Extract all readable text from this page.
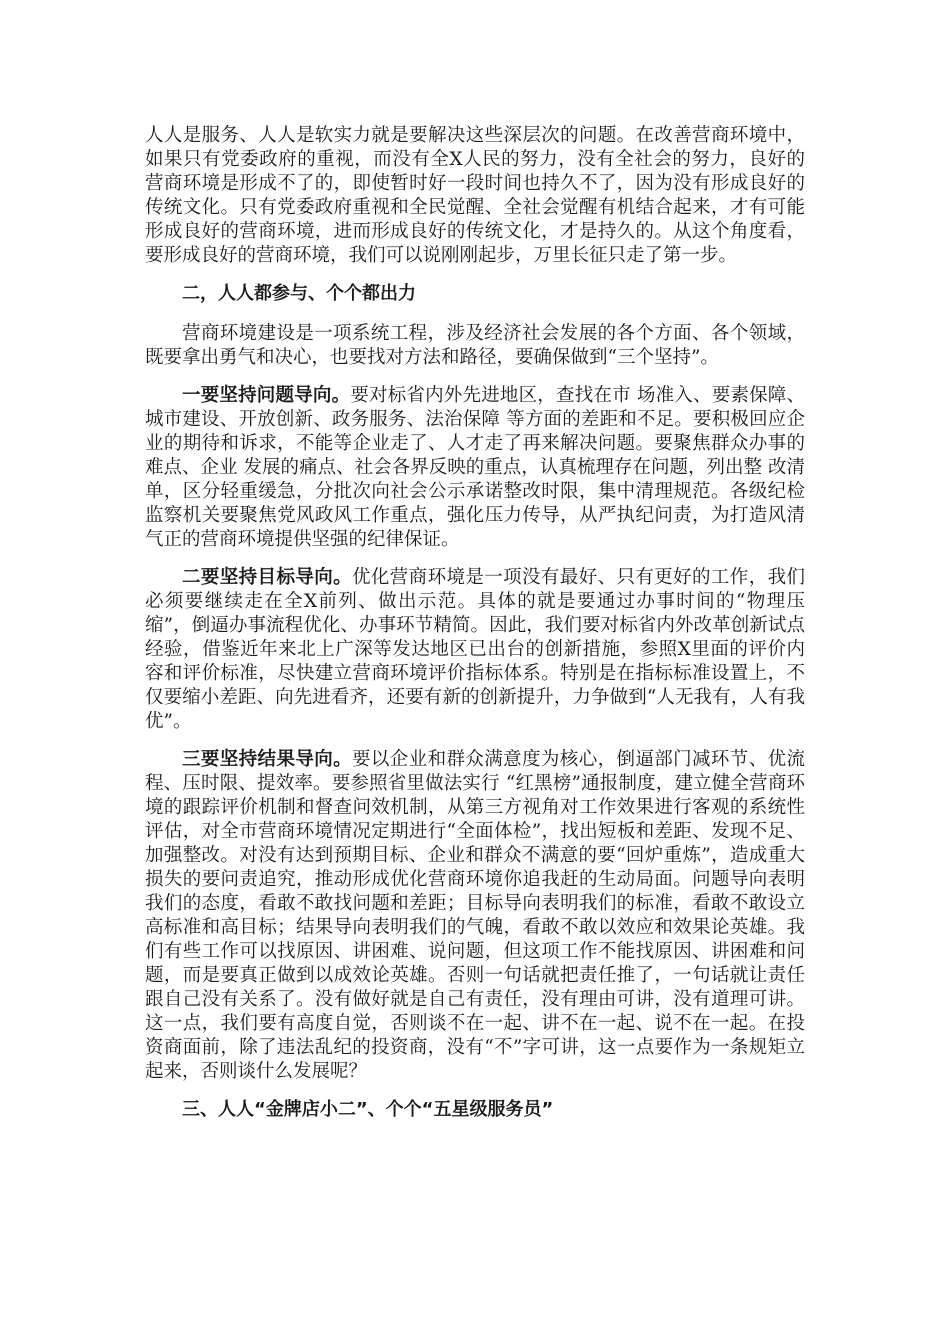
人人是服务、人人是软实力就是要解决这些深层次的问题。在改善营商环境中，如果只有党委政府的重视，而没有全X人民的努力，没有全社会的努力，良好的营商环境是形成不了的，即使暂时好一段时间也持久不了，因为没有形成良好的传统文化。只有党委政府重视和全民觉醒、全社会觉醒有机结合起来，才有可能形成良好的营商环境，进而形成良好的传统文化，才是持久的。从这个角度看，要形成良好的营商环境，我们可以说刚刚起步，万里长征只走了第一步。

二，人人都参与、个个都出力

营商环境建设是一项系统工程，涉及经济社会发展的各个方面、各个领域，既要拿出勇气和决心，也要找对方法和路径，要确保做到“三个坚持”。

一要坚持问题导向。要对标省内外先进地区，查找在市 场准入、要素保障、城市建设、开放创新、政务服务、法治保障 等方面的差距和不足。要积极回应企业的期待和诉求，不能等企业走了、人才走了再来解决问题。要聚焦群众办事的难点、企业 发展的痛点、社会各界反映的重点，认真梳理存在问题，列出整 改清单，区分轻重缓急，分批次向社会公示承诺整改时限，集中清理规范。各级纪检监察机关要聚焦党风政风工作重点，强化压力传导，从严执纪问责，为打造风清气正的营商环境提供坚强的纪律保证。

二要坚持目标导向。优化营商环境是一项没有最好、只有更好的工作，我们必须要继续走在全X前列、做出示范。具体的就是要通过办事时间的“物理压缩”，倒逼办事流程优化、办事环节精简。因此，我们要对标省内外改革创新试点经验，借鉴近年来北上广深等发达地区已出台的创新措施，参照X里面的评价内容和评价标准，尽快建立营商环境评价指标体系。特别是在指标标准设置上，不仅要缩小差距、向先进看齐，还要有新的创新提升，力争做到“人无我有，人有我优”。

三要坚持结果导向。要以企业和群众满意度为核心，倒逼部门减环节、优流程、压时限、提效率。要参照省里做法实行 “红黑榜”通报制度，建立健全营商环境的跟踪评价机制和督查问效机制，从第三方视角对工作效果进行客观的系统性评估，对全市营商环境情况定期进行“全面体检”，找出短板和差距、发现不足、加强整改。对没有达到预期目标、企业和群众不满意的要“回炉重炼”，造成重大损失的要问责追究，推动形成优化营商环境你追我赶的生动局面。问题导向表明我们的态度，看敢不敢找问题和差距；目标导向表明我们的标准，看敢不敢设立高标准和高目标；结果导向表明我们的气魄，看敢不敢以效应和效果论英雄。我们有些工作可以找原因、讲困难、说问题，但这项工作不能找原因、讲困难和问题，而是要真正做到以成效论英雄。否则一句话就把责任推了，一句话就让责任跟自己没有关系了。没有做好就是自己有责任，没有理由可讲，没有道理可讲。这一点，我们要有高度自觉，否则谈不在一起、讲不在一起、说不在一起。在投资商面前，除了违法乱纪的投资商，没有“不”字可讲，这一点要作为一条规矩立起来，否则谈什么发展呢？

三、人人“金牌店小二”、个个“五星级服务员”
